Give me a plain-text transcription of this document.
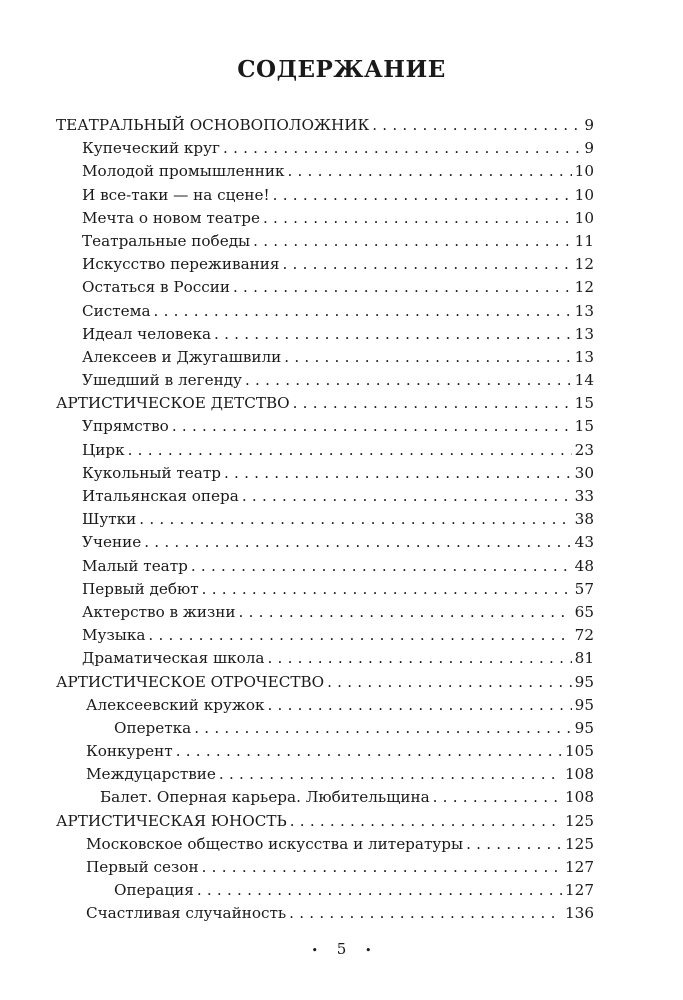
СОДЕРЖАНИЕ
ТЕАТРАЛЬНЫЙ ОСНОВОПОЛОЖНИК . . .	9
Купеческий круг . . .	9
Молодой промышленник . . .	10
И все-таки — на сцене! . . .	10
Мечта о новом театре . . .	10
Театральные победы . . .	11
Искусство переживания . . .	12
Остаться в России . . .	12
Система . . .	13
Идеал человека . . .	13
Алексеев и Джугашвили . . .	13
Ушедший в легенду . . .	14
АРТИСТИЧЕСКОЕ ДЕТСТВО . . .	15
Упрямство . . .	15
Цирк . . .	23
Кукольный театр . . .	30
Итальянская опера . . .	33
Шутки . . .	38
Учение . . .	43
Малый театр . . .	48
Первый дебют . . .	57
Актерство в жизни . . .	65
Музыка . . .	72
Драматическая школа . . .	81
АРТИСТИЧЕСКОЕ ОТРОЧЕСТВО . . .	95
Алексеевский кружок . . .	95
Оперетка . . .	95
Конкурент . . .	105
Междуцарствие . . .	108
Балет. Оперная карьера. Любительщина . . .	108
АРТИСТИЧЕСКАЯ ЮНОСТЬ . . .	125
Московское общество искусства и литературы . . .	125
Первый сезон . . .	127
Операция . . .	127
Счастливая случайность . . .	136
• 5 •
